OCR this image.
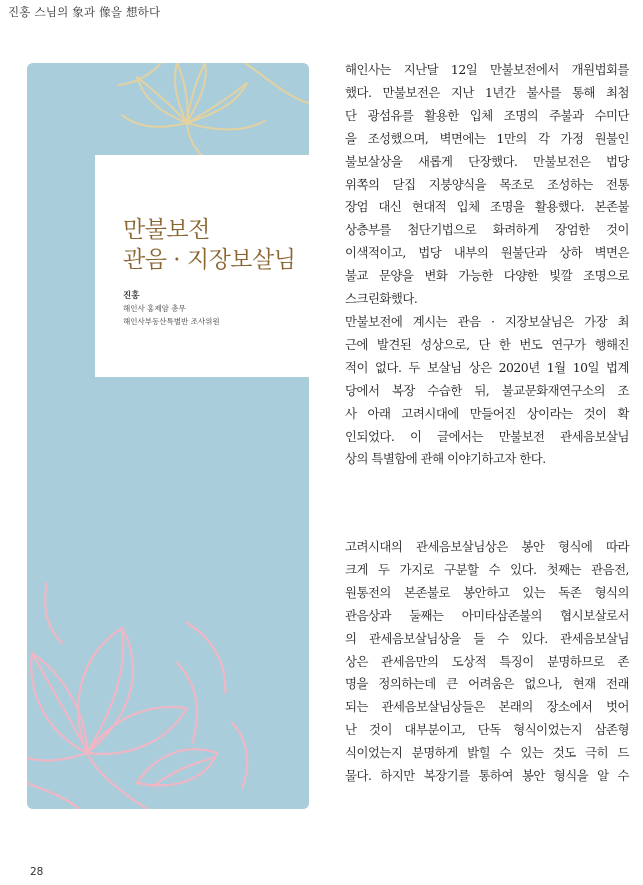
진홍 스님의 象과 像을 想하다
만불보전
관음 · 지장보살님
진홍
해인사 홍제암 총무
해인사부동산특별반 조사위원
해인사는 지난달 12일 만불보전에서 개원법회를
했다. 만불보전은 지난 1년간 불사를 통해 최첨
단 광섬유를 활용한 입체 조명의 주불과 수미단
을 조성했으며, 벽면에는 1만의 각 가정 원불인
불보살상을 새롭게 단장했다. 만불보전은 법당
위쪽의 닫집 지붕양식을 목조로 조성하는 전통
장엄 대신 현대적 입체 조명을 활용했다. 본존불
상층부를 첨단기법으로 화려하게 장엄한 것이
이색적이고, 법당 내부의 원불단과 상하 벽면은
불교 문양을 변화 가능한 다양한 빛깔 조명으로
스크린화했다.
만불보전에 계시는 관음 · 지장보살님은 가장 최
근에 발견된 성상으로, 단 한 번도 연구가 행해진
적이 없다. 두 보살님 상은 2020년 1월 10일 법계
당에서 복장 수습한 뒤, 불교문화재연구소의 조
사 아래 고려시대에 만들어진 상이라는 것이 확
인되었다. 이 글에서는 만불보전 관세음보살님
상의 특별함에 관해 이야기하고자 한다.
고려시대의 관세음보살님상은 봉안 형식에 따라
크게 두 가지로 구분할 수 있다. 첫째는 관음전,
원통전의 본존불로 봉안하고 있는 독존 형식의
관음상과 둘째는 아미타삼존불의 협시보살로서
의 관세음보살님상을 들 수 있다. 관세음보살님
상은 관세음만의 도상적 특징이 분명하므로 존
명을 정의하는데 큰 어려움은 없으나, 현재 전래
되는 관세음보살님상들은 본래의 장소에서 벗어
난 것이 대부분이고, 단독 형식이었는지 삼존형
식이었는지 분명하게 밝힐 수 있는 것도 극히 드
물다. 하지만 복장기를 통하여 봉안 형식을 알 수
28
